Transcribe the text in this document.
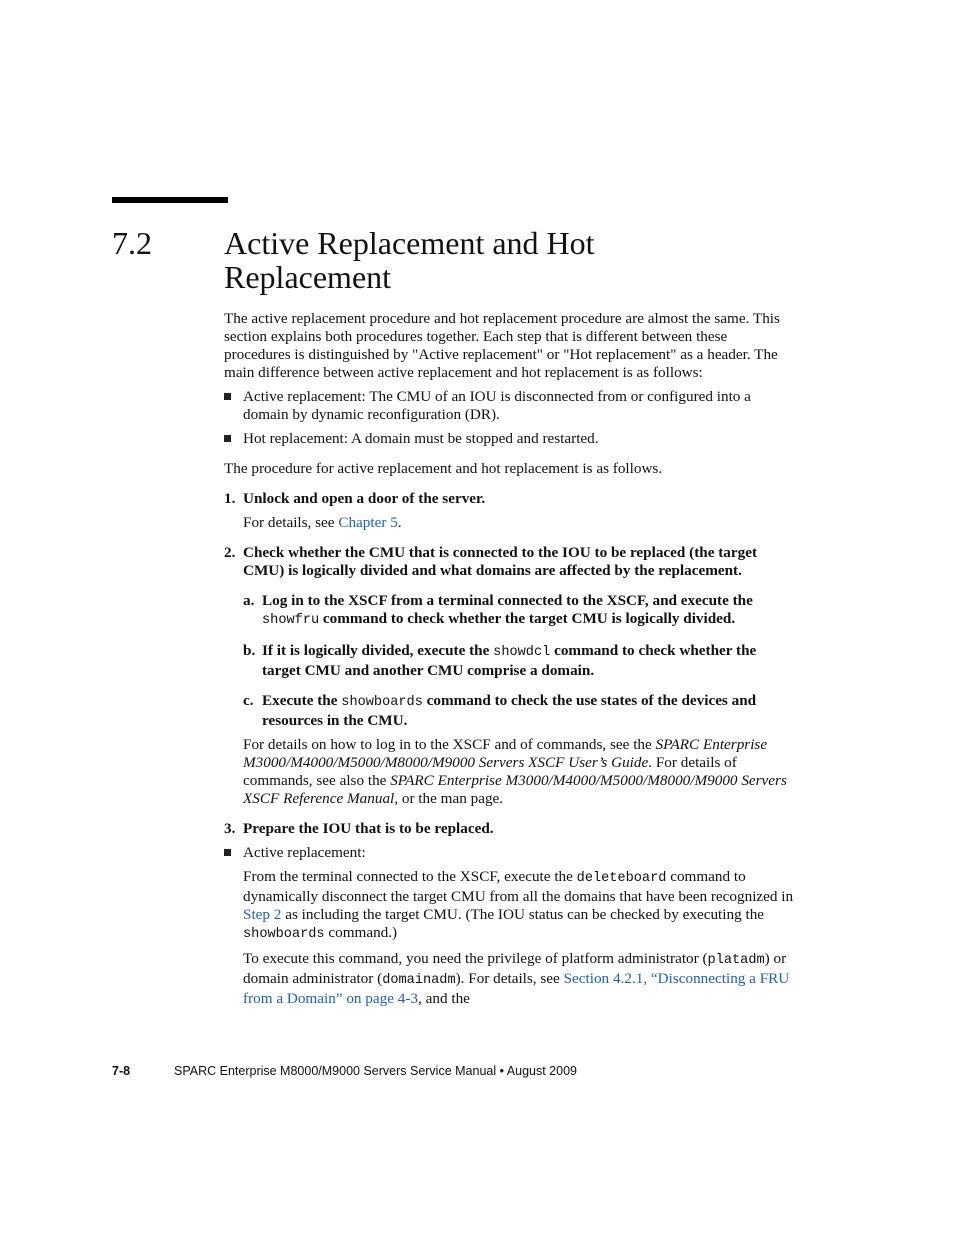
7.2 Active Replacement and Hot
Replacement

The active replacement procedure and hot replacement procedure are almost the same. This section explains both procedures together. Each step that is different between these procedures is distinguished by "Active replacement" or "Hot replacement" as a header. The main difference between active replacement and hot replacement is as follows:

Active replacement: The CMU of an IOU is disconnected from or configured into a domain by dynamic reconfiguration (DR).
Hot replacement: A domain must be stopped and restarted.

The procedure for active replacement and hot replacement is as follows.

1. Unlock and open a door of the server.

For details, see Chapter 5.

2. Check whether the CMU that is connected to the IOU to be replaced (the target CMU) is logically divided and what domains are affected by the replacement.
a. Log in to the XSCF from a terminal connected to the XSCF, and execute the showfru command to check whether the target CMU is logically divided.
b. If it is logically divided, execute the showdcl command to check whether the target CMU and another CMU comprise a domain.
c. Execute the showboards command to check the use states of the devices and resources in the CMU.

For details on how to log in to the XSCF and of commands, see the SPARC Enterprise M3000/M4000/M5000/M8000/M9000 Servers XSCF User’s Guide. For details of commands, see also the SPARC Enterprise M3000/M4000/M5000/M8000/M9000 Servers XSCF Reference Manual, or the man page.

3. Prepare the IOU that is to be replaced.
Active replacement:

From the terminal connected to the XSCF, execute the deleteboard command to dynamically disconnect the target CMU from all the domains that have been recognized in Step 2 as including the target CMU. (The IOU status can be checked by executing the showboards command.)

To execute this command, you need the privilege of platform administrator (platadm) or domain administrator (domainadm). For details, see Section 4.2.1, “Disconnecting a FRU from a Domain” on page 4-3, and the

7-8	SPARC Enterprise M8000/M9000 Servers Service Manual • August 2009
